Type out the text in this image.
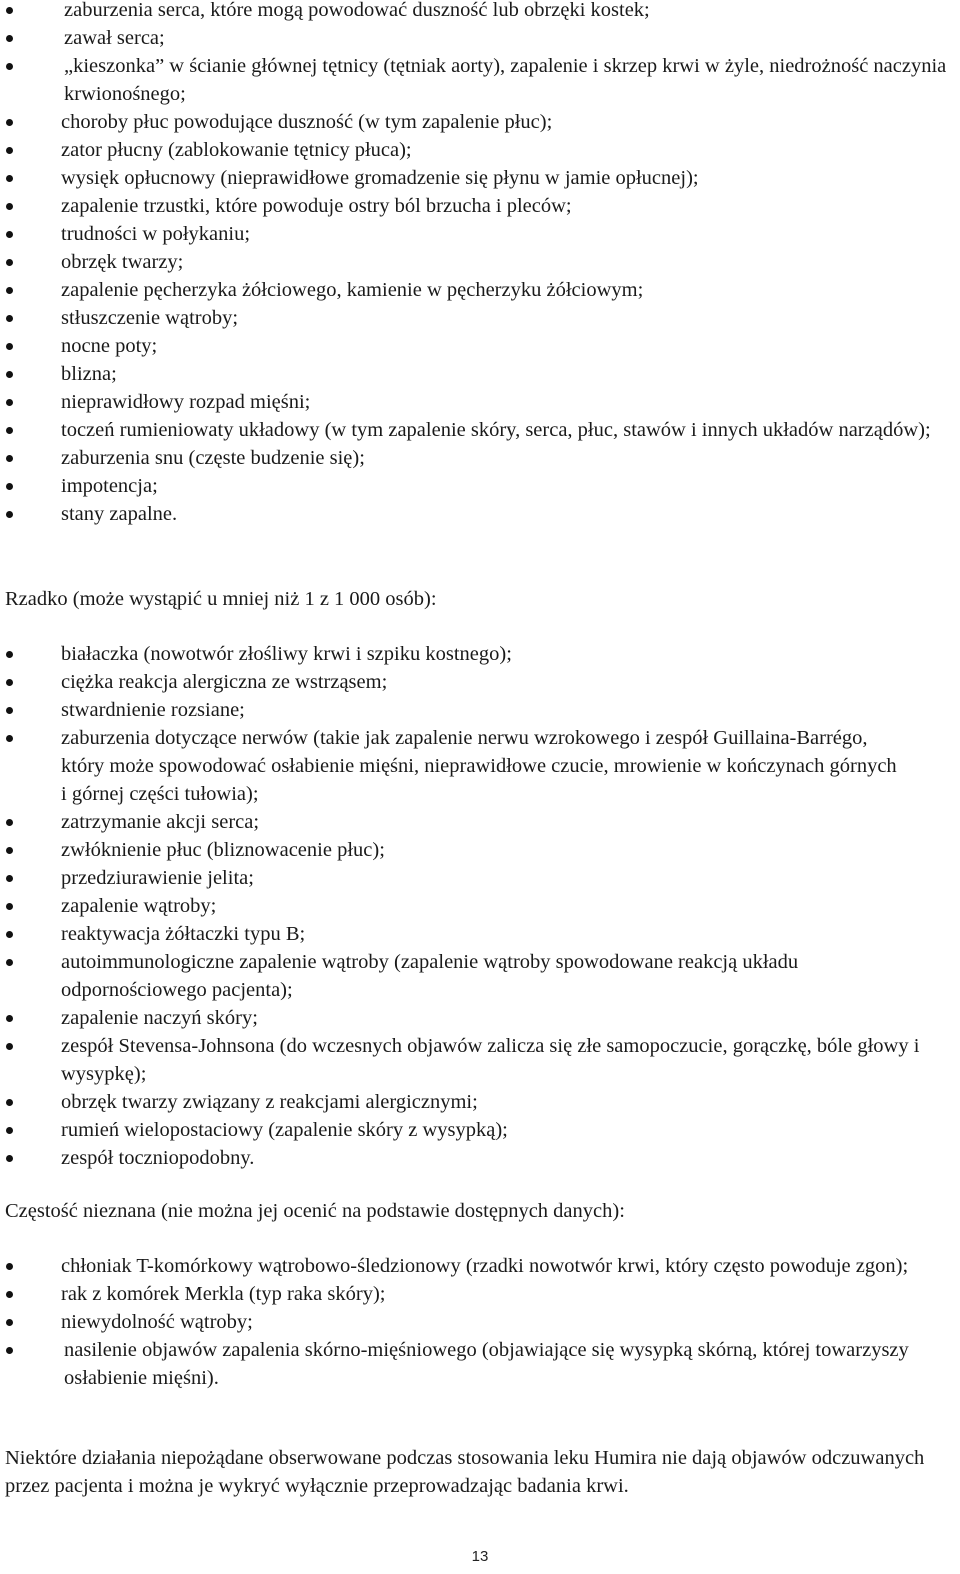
zaburzenia serca, które mogą powodować duszność lub obrzęki kostek;
zawał serca;
„kieszonka” w ścianie głównej tętnicy (tętniak aorty), zapalenie i skrzep krwi w żyle, niedrożność naczynia krwionośnego;
choroby płuc powodujące duszność (w tym zapalenie płuc);
zator płucny (zablokowanie tętnicy płuca);
wysięk opłucnowy (nieprawidłowe gromadzenie się płynu w jamie opłucnej);
zapalenie trzustki, które powoduje ostry ból brzucha i pleców;
trudności w połykaniu;
obrzęk twarzy;
zapalenie pęcherzyka żółciowego, kamienie w pęcherzyku żółciowym;
stłuszczenie wątroby;
nocne poty;
blizna;
nieprawidłowy rozpad mięśni;
toczeń rumieniowaty układowy (w tym zapalenie skóry, serca, płuc, stawów i innych układów narządów);
zaburzenia snu (częste budzenie się);
impotencja;
stany zapalne.

Rzadko (może wystąpić u mniej niż 1 z 1 000 osób):

białaczka (nowotwór złośliwy krwi i szpiku kostnego);
ciężka reakcja alergiczna ze wstrząsem;
stwardnienie rozsiane;
zaburzenia dotyczące nerwów (takie jak zapalenie nerwu wzrokowego i zespół Guillaina-Barrégo, który może spowodować osłabienie mięśni, nieprawidłowe czucie, mrowienie w kończynach górnych i górnej części tułowia);
zatrzymanie akcji serca;
zwłóknienie płuc (bliznowacenie płuc);
przedziurawienie jelita;
zapalenie wątroby;
reaktywacja żółtaczki typu B;
autoimmunologiczne zapalenie wątroby (zapalenie wątroby spowodowane reakcją układu odpornościowego pacjenta);
zapalenie naczyń skóry;
zespół Stevensa-Johnsona (do wczesnych objawów zalicza się złe samopoczucie, gorączkę, bóle głowy i wysypkę);
obrzęk twarzy związany z reakcjami alergicznymi;
rumień wielopostaciowy (zapalenie skóry z wysypką);
zespół toczniopodobny.

Częstość nieznana (nie można jej ocenić na podstawie dostępnych danych):

chłoniak T-komórkowy wątrobowo-śledzionowy (rzadki nowotwór krwi, który często powoduje zgon);
rak z komórek Merkla (typ raka skóry);
niewydolność wątroby;
nasilenie objawów zapalenia skórno-mięśniowego (objawiające się wysypką skórną, której towarzyszy osłabienie mięśni).

Niektóre działania niepożądane obserwowane podczas stosowania leku Humira nie dają objawów odczuwanych przez pacjenta i można je wykryć wyłącznie przeprowadzając badania krwi.

13
